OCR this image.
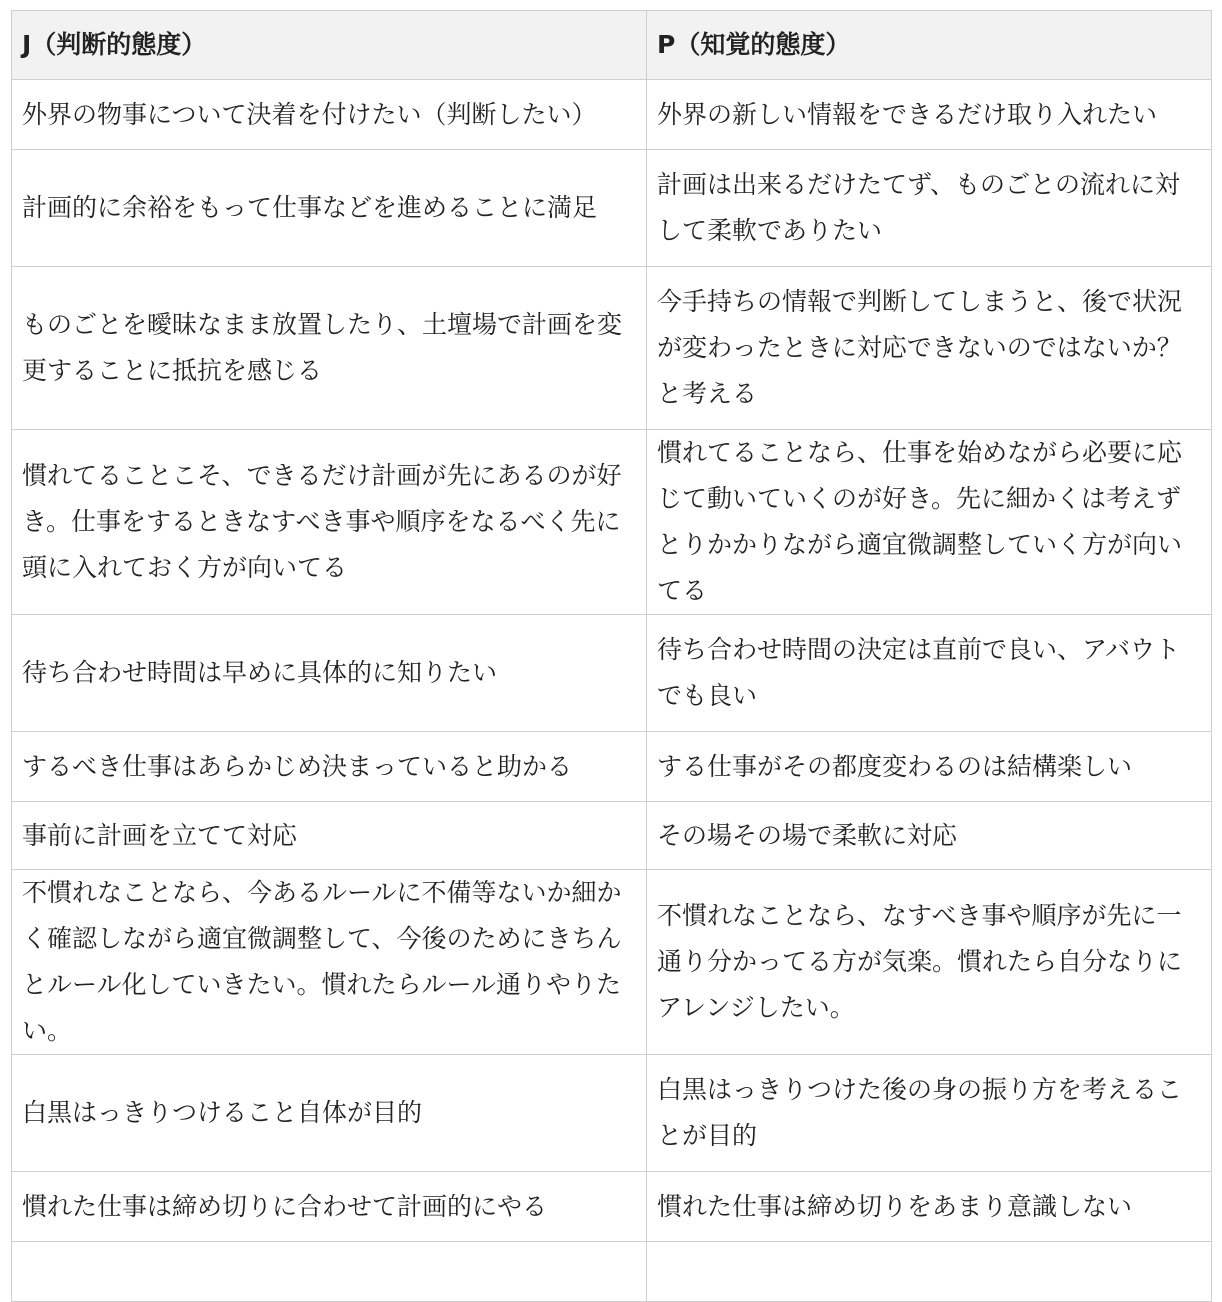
J（判断的態度）	P（知覚的態度）
外界の物事について決着を付けたい（判断したい）	外界の新しい情報をできるだけ取り入れたい
計画的に余裕をもって仕事などを進めることに満足	計画は出来るだけたてず、ものごとの流れに対して柔軟でありたい
ものごとを曖昧なまま放置したり、土壇場で計画を変更することに抵抗を感じる	今手持ちの情報で判断してしまうと、後で状況が変わったときに対応できないのではないか？と考える
慣れてることこそ、できるだけ計画が先にあるのが好き。仕事をするときなすべき事や順序をなるべく先に頭に入れておく方が向いてる	慣れてることなら、仕事を始めながら必要に応じて動いていくのが好き。先に細かくは考えずとりかかりながら適宜微調整していく方が向いてる
待ち合わせ時間は早めに具体的に知りたい	待ち合わせ時間の決定は直前で良い、アバウトでも良い
するべき仕事はあらかじめ決まっていると助かる	する仕事がその都度変わるのは結構楽しい
事前に計画を立てて対応	その場その場で柔軟に対応
不慣れなことなら、今あるルールに不備等ないか細かく確認しながら適宜微調整して、今後のためにきちんとルール化していきたい。慣れたらルール通りやりたい。	不慣れなことなら、なすべき事や順序が先に一通り分かってる方が気楽。慣れたら自分なりにアレンジしたい。
白黒はっきりつけること自体が目的	白黒はっきりつけた後の身の振り方を考えることが目的
慣れた仕事は締め切りに合わせて計画的にやる	慣れた仕事は締め切りをあまり意識しない
